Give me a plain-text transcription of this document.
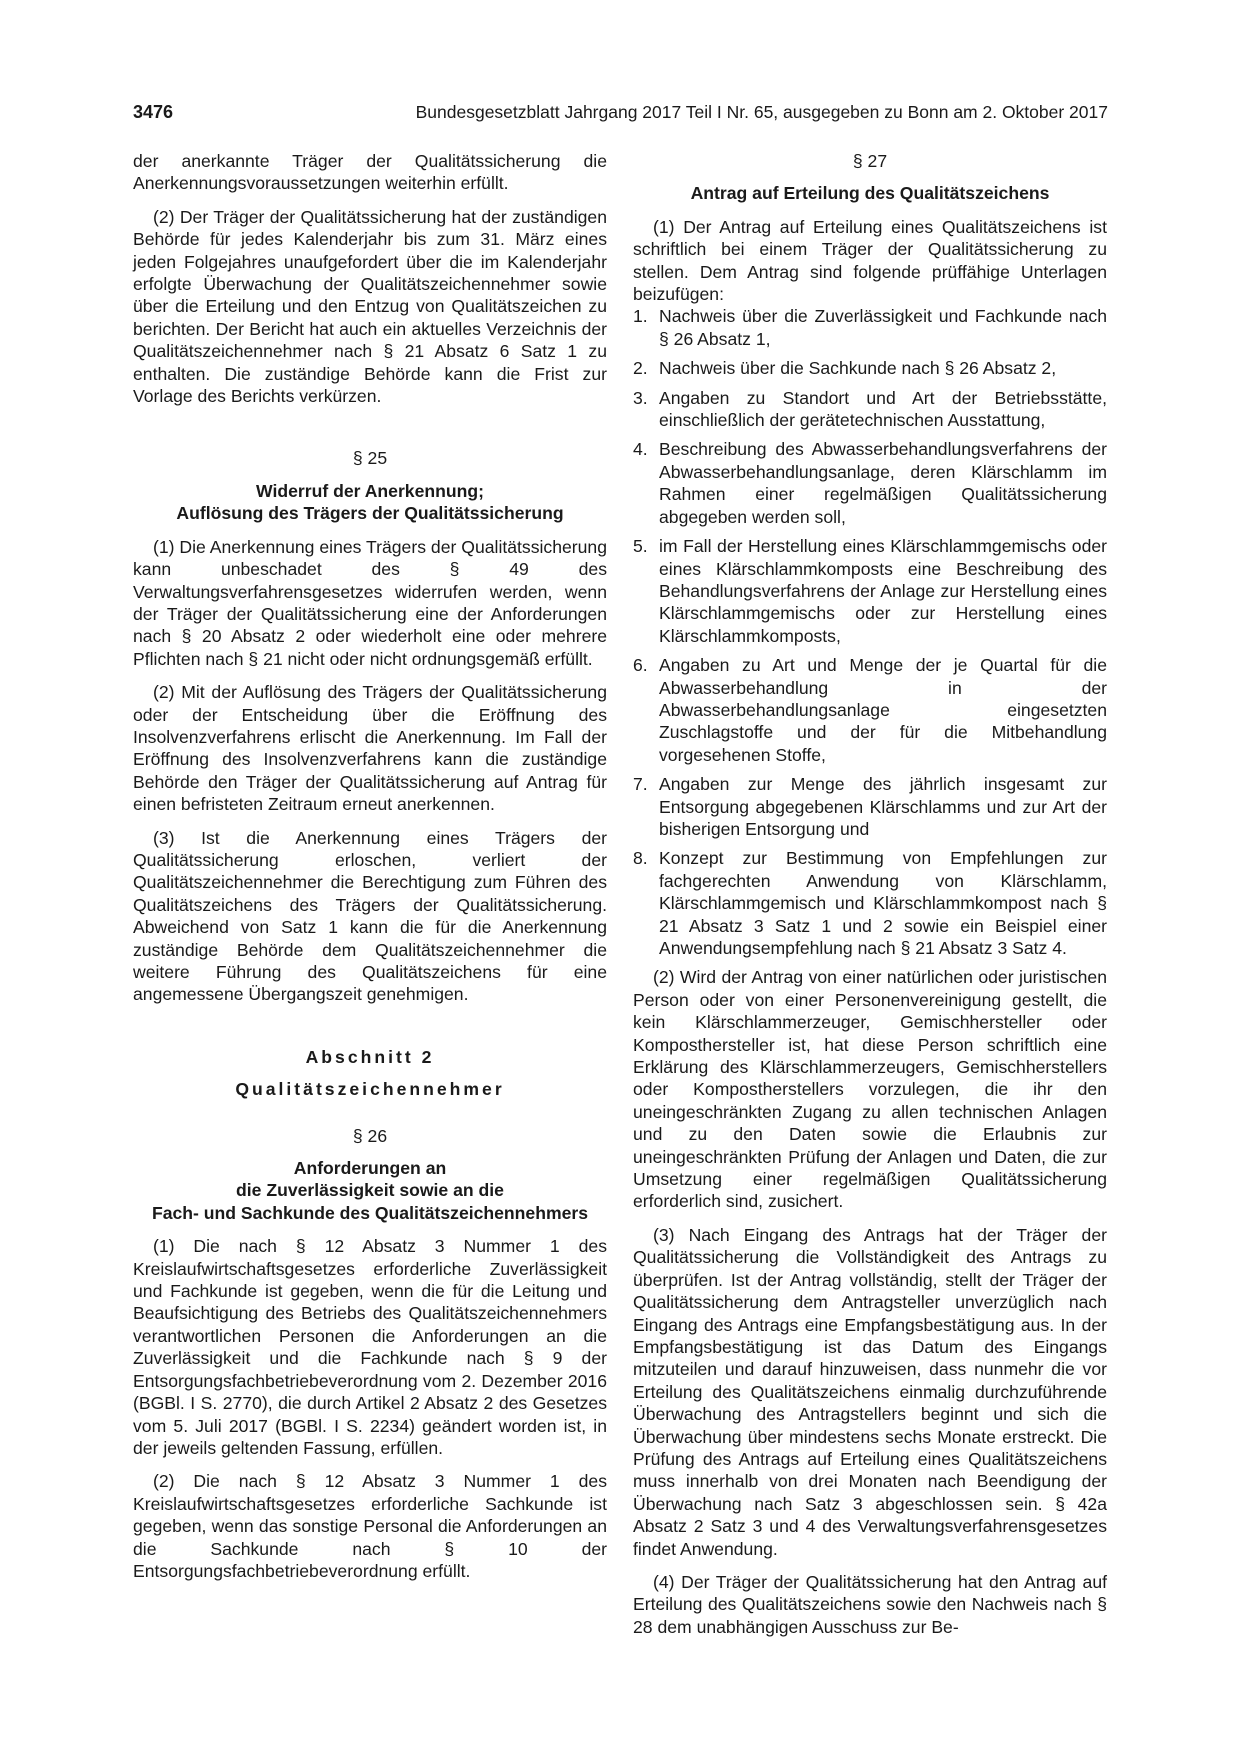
3476	Bundesgesetzblatt Jahrgang 2017 Teil I Nr. 65, ausgegeben zu Bonn am 2. Oktober 2017

der anerkannte Träger der Qualitätssicherung die Anerkennungsvoraussetzungen weiterhin erfüllt.

(2) Der Träger der Qualitätssicherung hat der zuständigen Behörde für jedes Kalenderjahr bis zum 31. März eines jeden Folgejahres unaufgefordert über die im Kalenderjahr erfolgte Überwachung der Qualitätszeichennehmer sowie über die Erteilung und den Entzug von Qualitätszeichen zu berichten. Der Bericht hat auch ein aktuelles Verzeichnis der Qualitätszeichennehmer nach § 21 Absatz 6 Satz 1 zu enthalten. Die zuständige Behörde kann die Frist zur Vorlage des Berichts verkürzen.

§ 25

Widerruf der Anerkennung;

Auflösung des Trägers der Qualitätssicherung

(1) Die Anerkennung eines Trägers der Qualitätssicherung kann unbeschadet des § 49 des Verwaltungsverfahrensgesetzes widerrufen werden, wenn der Träger der Qualitätssicherung eine der Anforderungen nach § 20 Absatz 2 oder wiederholt eine oder mehrere Pflichten nach § 21 nicht oder nicht ordnungsgemäß erfüllt.

(2) Mit der Auflösung des Trägers der Qualitätssicherung oder der Entscheidung über die Eröffnung des Insolvenzverfahrens erlischt die Anerkennung. Im Fall der Eröffnung des Insolvenzverfahrens kann die zuständige Behörde den Träger der Qualitätssicherung auf Antrag für einen befristeten Zeitraum erneut anerkennen.

(3) Ist die Anerkennung eines Trägers der Qualitätssicherung erloschen, verliert der Qualitätszeichennehmer die Berechtigung zum Führen des Qualitätszeichens des Trägers der Qualitätssicherung. Abweichend von Satz 1 kann die für die Anerkennung zuständige Behörde dem Qualitätszeichennehmer die weitere Führung des Qualitätszeichens für eine angemessene Übergangszeit genehmigen.

Abschnitt 2

Qualitätszeichennehmer

§ 26

Anforderungen an

die Zuverlässigkeit sowie an die

Fach- und Sachkunde des Qualitätszeichennehmers

(1) Die nach § 12 Absatz 3 Nummer 1 des Kreislaufwirtschaftsgesetzes erforderliche Zuverlässigkeit und Fachkunde ist gegeben, wenn die für die Leitung und Beaufsichtigung des Betriebs des Qualitätszeichennehmers verantwortlichen Personen die Anforderungen an die Zuverlässigkeit und die Fachkunde nach § 9 der Entsorgungsfachbetriebeverordnung vom 2. Dezember 2016 (BGBl. I S. 2770), die durch Artikel 2 Absatz 2 des Gesetzes vom 5. Juli 2017 (BGBl. I S. 2234) geändert worden ist, in der jeweils geltenden Fassung, erfüllen.

(2) Die nach § 12 Absatz 3 Nummer 1 des Kreislaufwirtschaftsgesetzes erforderliche Sachkunde ist gegeben, wenn das sonstige Personal die Anforderungen an die Sachkunde nach § 10 der Entsorgungsfachbetriebeverordnung erfüllt.

§ 27

Antrag auf Erteilung des Qualitätszeichens

(1) Der Antrag auf Erteilung eines Qualitätszeichens ist schriftlich bei einem Träger der Qualitätssicherung zu stellen. Dem Antrag sind folgende prüffähige Unterlagen beizufügen:

1. Nachweis über die Zuverlässigkeit und Fachkunde nach § 26 Absatz 1,
2. Nachweis über die Sachkunde nach § 26 Absatz 2,
3. Angaben zu Standort und Art der Betriebsstätte, einschließlich der gerätetechnischen Ausstattung,
4. Beschreibung des Abwasserbehandlungsverfahrens der Abwasserbehandlungsanlage, deren Klärschlamm im Rahmen einer regelmäßigen Qualitätssicherung abgegeben werden soll,
5. im Fall der Herstellung eines Klärschlammgemischs oder eines Klärschlammkomposts eine Beschreibung des Behandlungsverfahrens der Anlage zur Herstellung eines Klärschlammgemischs oder zur Herstellung eines Klärschlammkomposts,
6. Angaben zu Art und Menge der je Quartal für die Abwasserbehandlung in der Abwasserbehandlungsanlage eingesetzten Zuschlagstoffe und der für die Mitbehandlung vorgesehenen Stoffe,
7. Angaben zur Menge des jährlich insgesamt zur Entsorgung abgegebenen Klärschlamms und zur Art der bisherigen Entsorgung und
8. Konzept zur Bestimmung von Empfehlungen zur fachgerechten Anwendung von Klärschlamm, Klärschlammgemisch und Klärschlammkompost nach § 21 Absatz 3 Satz 1 und 2 sowie ein Beispiel einer Anwendungsempfehlung nach § 21 Absatz 3 Satz 4.

(2) Wird der Antrag von einer natürlichen oder juristischen Person oder von einer Personenvereinigung gestellt, die kein Klärschlammerzeuger, Gemischhersteller oder Komposthersteller ist, hat diese Person schriftlich eine Erklärung des Klärschlammerzeugers, Gemischherstellers oder Kompostherstellers vorzulegen, die ihr den uneingeschränkten Zugang zu allen technischen Anlagen und zu den Daten sowie die Erlaubnis zur uneingeschränkten Prüfung der Anlagen und Daten, die zur Umsetzung einer regelmäßigen Qualitätssicherung erforderlich sind, zusichert.

(3) Nach Eingang des Antrags hat der Träger der Qualitätssicherung die Vollständigkeit des Antrags zu überprüfen. Ist der Antrag vollständig, stellt der Träger der Qualitätssicherung dem Antragsteller unverzüglich nach Eingang des Antrags eine Empfangsbestätigung aus. In der Empfangsbestätigung ist das Datum des Eingangs mitzuteilen und darauf hinzuweisen, dass nunmehr die vor Erteilung des Qualitätszeichens einmalig durchzuführende Überwachung des Antragstellers beginnt und sich die Überwachung über mindestens sechs Monate erstreckt. Die Prüfung des Antrags auf Erteilung eines Qualitätszeichens muss innerhalb von drei Monaten nach Beendigung der Überwachung nach Satz 3 abgeschlossen sein. § 42a Absatz 2 Satz 3 und 4 des Verwaltungsverfahrensgesetzes findet Anwendung.

(4) Der Träger der Qualitätssicherung hat den Antrag auf Erteilung des Qualitätszeichens sowie den Nachweis nach § 28 dem unabhängigen Ausschuss zur Be-
